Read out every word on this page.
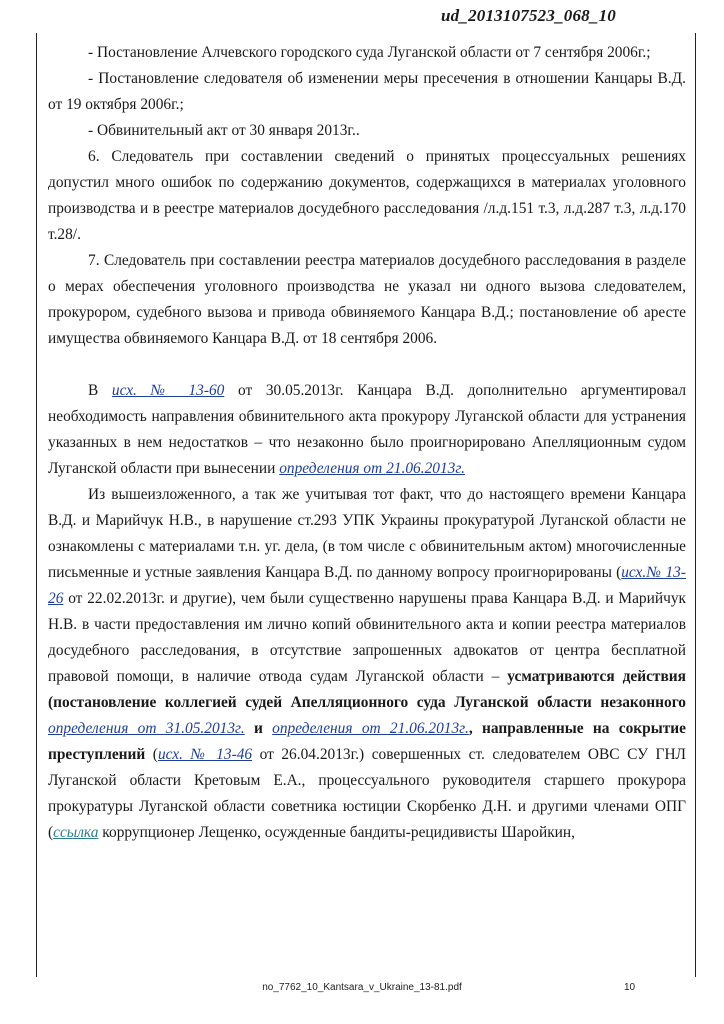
ud_2013107523_068_10

- Постановление Алчевского городского суда Луганской области от 7 сентября 2006г.;

- Постановление следователя об изменении меры пресечения в отношении Канцары В.Д. от 19 октября 2006г.;

- Обвинительный акт от 30 января 2013г..

6. Следователь при составлении сведений о принятых процессуальных решениях допустил много ошибок по содержанию документов, содержащихся в материалах уголовного производства и в реестре материалов досудебного расследования /л.д.151 т.3, л.д.287 т.3, л.д.170 т.28/.

7. Следователь при составлении реестра материалов досудебного расследования в разделе о мерах обеспечения уголовного производства не указал ни одного вызова следователем, прокурором, судебного вызова и привода обвиняемого Канцара В.Д.; постановление об аресте имущества обвиняемого Канцара В.Д. от 18 сентября 2006.

В исх. № 13-60 от 30.05.2013г. Канцара В.Д. дополнительно аргументировал необходимость направления обвинительного акта прокурору Луганской области для устранения указанных в нем недостатков – что незаконно было проигнорировано Апелляционным судом Луганской области при вынесении определения от 21.06.2013г.

Из вышеизложенного, а так же учитывая тот факт, что до настоящего времени Канцара В.Д. и Марийчук Н.В., в нарушение ст.293 УПК Украины прокуратурой Луганской области не ознакомлены с материалами т.н. уг. дела, (в том числе с обвинительным актом) многочисленные письменные и устные заявления Канцара В.Д. по данному вопросу проигнорированы (исх.№ 13-26 от 22.02.2013г. и другие), чем были существенно нарушены права Канцара В.Д. и Марийчук Н.В. в части предоставления им лично копий обвинительного акта и копии реестра материалов досудебного расследования, в отсутствие запрошенных адвокатов от центра бесплатной правовой помощи, в наличие отвода судам Луганской области – усматриваются действия (постановление коллегией судей Апелляционного суда Луганской области незаконного определения от 31.05.2013г. и определения от 21.06.2013г., направленные на сокрытие преступлений (исх. № 13-46 от 26.04.2013г.) совершенных ст. следователем ОВС СУ ГНЛ Луганской области Кретовым Е.А., процессуального руководителя старшего прокурора прокуратуры Луганской области советника юстиции Скорбенко Д.Н. и другими членами ОПГ (ссылка коррупционер Лещенко, осужденные бандиты-рецидивисты Шаройкин,

no_7762_10_Kantsara_v_Ukraine_13-81.pdf	10
